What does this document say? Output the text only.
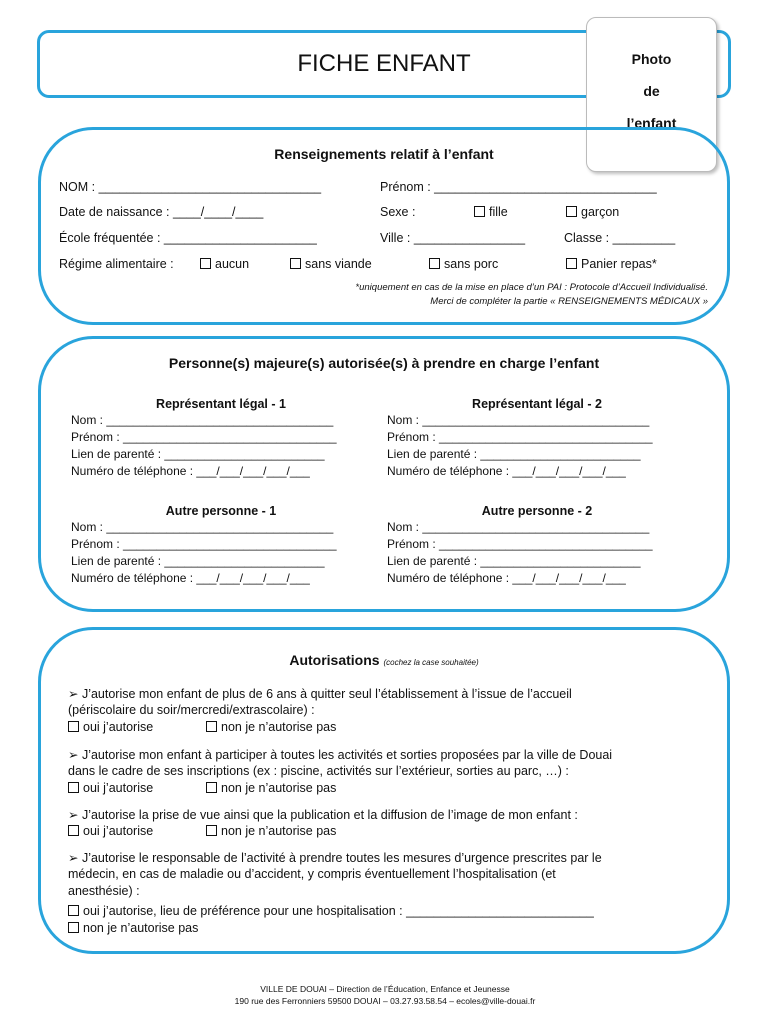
FICHE ENFANT	Photo
de
l’enfant
Renseignements relatif à l’enfant
NOM : ________________________________	Prénom : ________________________________
Date de naissance : ____/____/____	Sexe :	fille	garçon
École fréquentée : ______________________	Ville : ________________	Classe : _________
Régime alimentaire :	aucun	sans viande	sans porc	Panier repas*
*uniquement en cas de la mise en place d’un PAI : Protocole d’Accueil Individualisé.
Merci de compléter la partie « RENSEIGNEMENTS MÉDICAUX »
Personne(s) majeure(s) autorisée(s) à prendre en charge l’enfant
Représentant légal - 1
Nom : __________________________________
Prénom : ________________________________
Lien de parenté : ________________________
Numéro de téléphone : ___/___/___/___/___
Représentant légal - 2
Nom : __________________________________
Prénom : ________________________________
Lien de parenté : ________________________
Numéro de téléphone : ___/___/___/___/___
Autre personne - 1
Nom : __________________________________
Prénom : ________________________________
Lien de parenté : ________________________
Numéro de téléphone : ___/___/___/___/___
Autre personne - 2
Nom : __________________________________
Prénom : ________________________________
Lien de parenté : ________________________
Numéro de téléphone : ___/___/___/___/___
Autorisations (cochez la case souhaitée)
➢ J’autorise mon enfant de plus de 6 ans à quitter seul l’établissement à l’issue de l’accueil
(périscolaire du soir/mercredi/extrascolaire) :
oui j’autorise	non je n’autorise pas
➢ J’autorise mon enfant à participer à toutes les activités et sorties proposées par la ville de Douai
dans le cadre de ses inscriptions (ex : piscine, activités sur l’extérieur, sorties au parc, …) :
oui j’autorise	non je n’autorise pas
➢ J’autorise la prise de vue ainsi que la publication et la diffusion de l’image de mon enfant :
oui j’autorise	non je n’autorise pas
➢ J’autorise le responsable de l’activité à prendre toutes les mesures d’urgence prescrites par le
médecin, en cas de maladie ou d’accident, y compris éventuellement l’hospitalisation (et
anesthésie) :
oui j’autorise, lieu de préférence pour une hospitalisation : ___________________________
non je n’autorise pas
VILLE DE DOUAI – Direction de l’Éducation, Enfance et Jeunesse
190 rue des Ferronniers 59500 DOUAI – 03.27.93.58.54 – ecoles@ville-douai.fr
